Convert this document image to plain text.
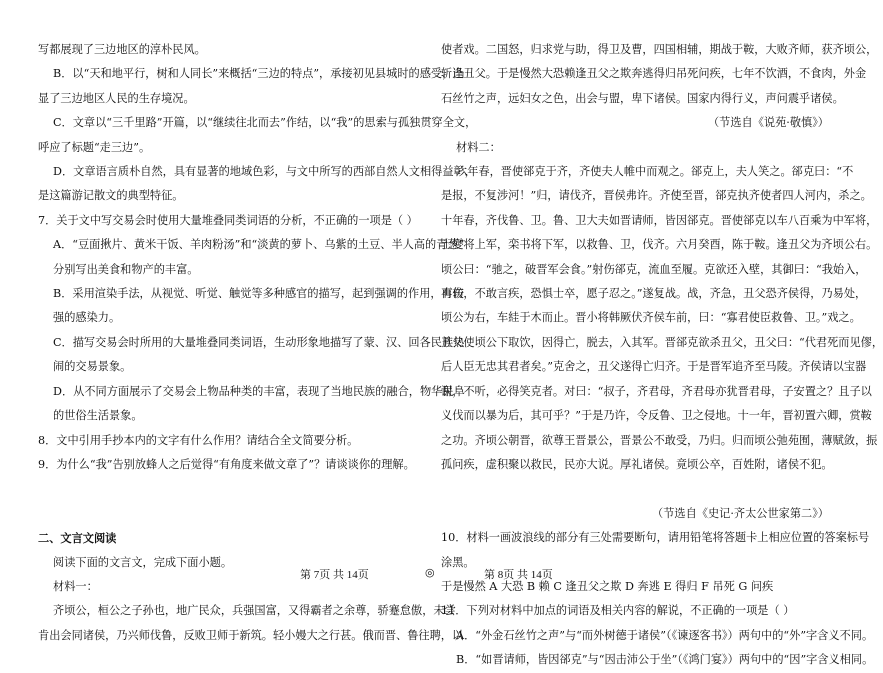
写都展现了三边地区的淳朴民风。
B．以“天和地平行，树和人同长”来概括“三边的特点”，承接初见县城时的感受，凸
显了三边地区人民的生存境况。
C．文章以“三千里路”开篇，以“继续往北而去”作结，以“我”的思索与孤独贯穿全文，
呼应了标题“走三边”。
D．文章语言质朴自然，具有显著的地域色彩，与文中所写的西部自然人文相得益彰，
是这篇游记散文的典型特征。
7．关于文中写交易会时使用大量堆叠同类词语的分析，不正确的一项是（ ）
A．“豆面揪片、黄米干饭、羊肉粉汤”和“淡黄的萝卜、乌紫的土豆、半人高的青葱”
分别写出美食和物产的丰富。
B．采用渲染手法，从视觉、听觉、触觉等多种感官的描写，起到强调的作用，有较
强的感染力。
C．描写交易会时所用的大量堆叠同类词语，生动形象地描写了蒙、汉、回各民族热
闹的交易景象。
D．从不同方面展示了交易会上物品种类的丰富，表现了当地民族的融合，物华民阜
的世俗生活景象。
8．文中引用手抄本内的文字有什么作用？请结合全文简要分析。
9．为什么“我”告别放蜂人之后觉得“有角度来做文章了”？请谈谈你的理解。
二、文言文阅读
阅读下面的文言文，完成下面小题。
材料一：
齐顷公，桓公之子孙也，地广民众，兵强国富，又得霸者之余尊，骄蹇怠傲，未尝
肯出会同诸侯，乃兴师伐鲁，反败卫师于新筑。轻小嫚大之行甚。俄而晋、鲁往聘，以
使者戏。二国怒，归求党与助，得卫及曹，四国相辅，期战于鞍，大败齐师，获齐顷公，
斩逢丑父。于是慢然大恐赖逢丑父之欺奔逃得归吊死问疾，七年不饮酒，不食肉，外金
石丝竹之声，远妇女之色，出会与盟，卑下诸侯。国家内得行义，声问震乎诸侯。
（节选自《说苑·敬慎》）
材料二：
六年春，晋使郤克于齐，齐使夫人帷中而观之。郤克上，夫人笑之。郤克曰：“不
是报，不复涉河！”归，请伐齐，晋侯弗许。齐使至晋，郤克执齐使者四人河内，杀之。
十年春，齐伐鲁、卫。鲁、卫大夫如晋请师，皆因郤克。晋使郤克以车八百乘为中军将，
士燮将上军，栾书将下军，以救鲁、卫，伐齐。六月癸酉，陈于鞍。逢丑父为齐顷公右。
顷公曰：“驰之，破晋军会食。”射伤郤克，流血至履。克欲还入壁，其御曰：“我始入，
再伤，不敢言疾，恐惧士卒，愿子忍之。”遂复战。战，齐急，丑父恐齐侯得，乃易处，
顷公为右，车絓于木而止。晋小将韩厥伏齐侯车前，曰：“寡君使臣救鲁、卫。”戏之。
丑父使顷公下取饮，因得亡，脱去，入其军。晋郤克欲杀丑父，丑父曰：“代君死而见僇，
后人臣无忠其君者矣。”克舍之，丑父遂得亡归齐。于是晋军追齐至马陵。齐侯请以宝器
谢，不听，必得笑克者。对曰：“叔子，齐君母，齐君母亦犹晋君母，子安置之？且子以
义伐而以暴为后，其可乎？”于是乃许，令反鲁、卫之侵地。十一年，晋初置六卿，赏鞍
之功。齐顷公朝晋，欲尊王晋景公，晋景公不敢受，乃归。归而顷公弛苑囿，薄赋敛，振
孤问疾，虚积聚以救民，民亦大说。厚礼诸侯。竟顷公卒，百姓附，诸侯不犯。
（节选自《史记·齐太公世家第二》）
10．材料一画波浪线的部分有三处需要断句，请用铅笔将答题卡上相应位置的答案标号
涂黑。
于是慢然 A 大恐 B 赖 C 逢丑父之欺 D 奔逃 E 得归 F 吊死 G 问疾
11．下列对材料中加点的词语及相关内容的解说，不正确的一项是（ ）
A．“外金石丝竹之声”与“而外树德于诸侯”（《谏逐客书》）两句中的“外”字含义不同。
B．“如晋请师，皆因郤克”与“因击沛公于坐”（《鸿门宴》）两句中的“因”字含义相同。
第 7页 共 14页	◎	第 8页 共 14页
